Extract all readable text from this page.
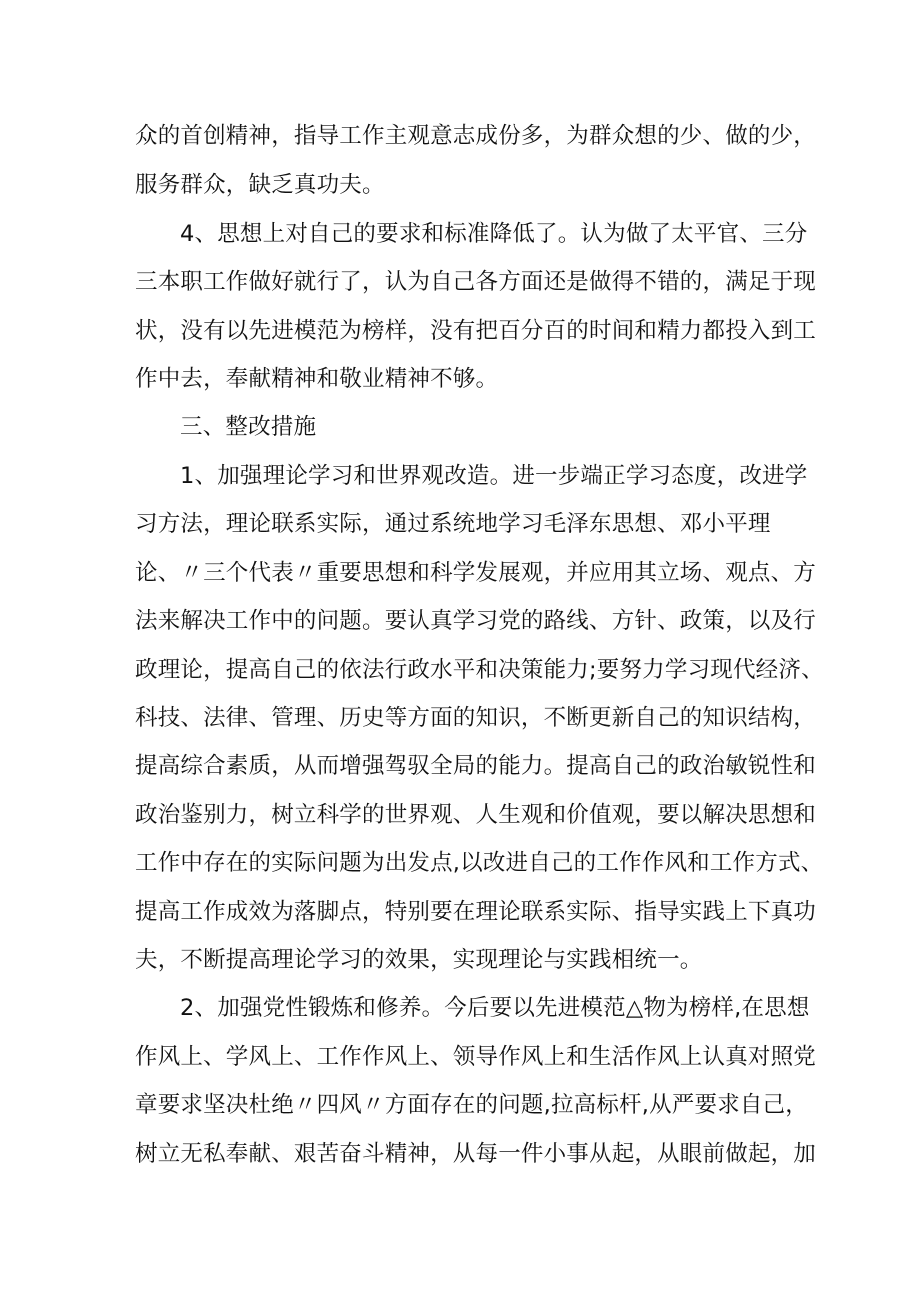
众的首创精神，指导工作主观意志成份多，为群众想的少、做的少，
服务群众，缺乏真功夫。
4、思想上对自己的要求和标准降低了。认为做了太平官、三分
三本职工作做好就行了，认为自己各方面还是做得不错的，满足于现
状，没有以先进模范为榜样，没有把百分百的时间和精力都投入到工
作中去，奉献精神和敬业精神不够。
三、整改措施
1、加强理论学习和世界观改造。进一步端正学习态度，改进学
习方法，理论联系实际，通过系统地学习毛泽东思想、邓小平理
论、〃三个代表〃重要思想和科学发展观，并应用其立场、观点、方
法来解决工作中的问题。要认真学习党的路线、方针、政策，以及行
政理论，提高自己的依法行政水平和决策能力;要努力学习现代经济、
科技、法律、管理、历史等方面的知识，不断更新自己的知识结构，
提高综合素质，从而增强驾驭全局的能力。提高自己的政治敏锐性和
政治鉴别力，树立科学的世界观、人生观和价值观，要以解决思想和
工作中存在的实际问题为出发点,以改进自己的工作作风和工作方式、
提高工作成效为落脚点，特别要在理论联系实际、指导实践上下真功
夫，不断提高理论学习的效果，实现理论与实践相统一。
2、加强党性锻炼和修养。今后要以先进模范△物为榜样,在思想
作风上、学风上、工作作风上、领导作风上和生活作风上认真对照党
章要求坚决杜绝〃四风〃方面存在的问题,拉高标杆,从严要求自己，
树立无私奉献、艰苦奋斗精神，从每一件小事从起，从眼前做起，加
